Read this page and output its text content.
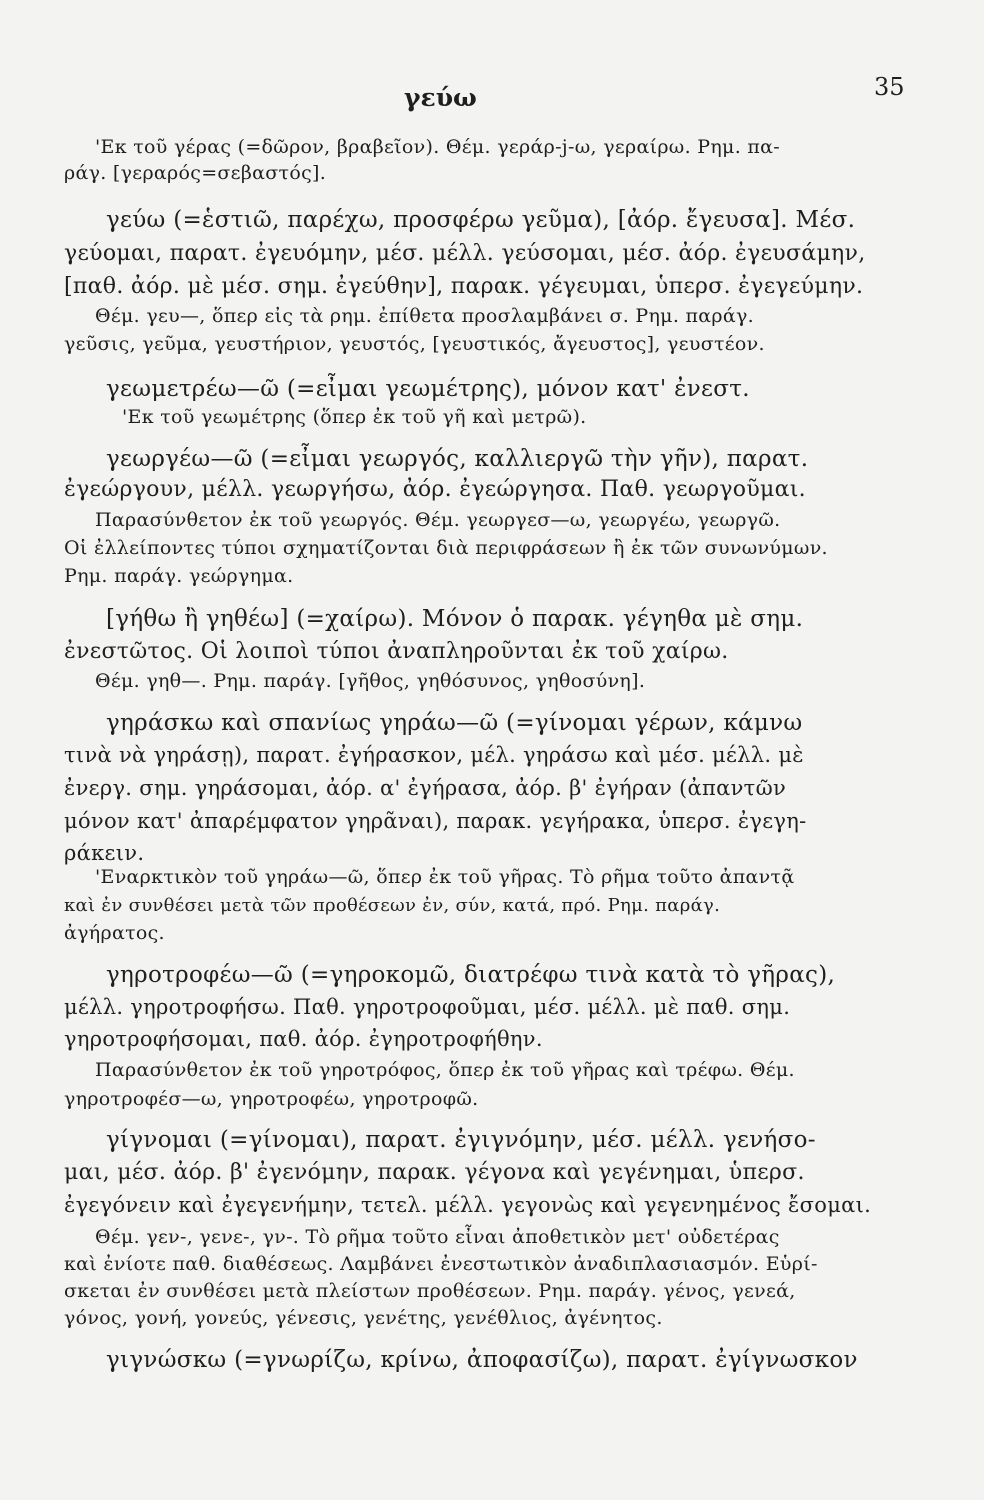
γεύω	35
'Εκ τοῦ γέρας (=δῶρον, βραβεῖον). Θέμ. γεράρ-j-ω, γεραίρω. Ρημ. πα-
ράγ. [γεραρός=σεβαστός].
γεύω (=ἑστιῶ, παρέχω, προσφέρω γεῦμα), [ἀόρ. ἔγευσα]. Μέσ.
γεύομαι, παρατ. ἐγευόμην, μέσ. μέλλ. γεύσομαι, μέσ. ἀόρ. ἐγευσάμην,
[παθ. ἀόρ. μὲ μέσ. σημ. ἐγεύθην], παρακ. γέγευμαι, ὑπερσ. ἐγεγεύμην.
Θέμ. γευ—, ὅπερ εἰς τὰ ρημ. ἐπίθετα προσλαμβάνει σ. Ρημ. παράγ.
γεῦσις, γεῦμα, γευστήριον, γευστός, [γευστικός, ἄγευστος], γευστέον.
γεωμετρέω—ῶ (=εἶμαι γεωμέτρης), μόνον κατ' ἐνεστ.
'Εκ τοῦ γεωμέτρης (ὅπερ ἐκ τοῦ γῆ καὶ μετρῶ).
γεωργέω—ῶ (=εἶμαι γεωργός, καλλιεργῶ τὴν γῆν), παρατ.
ἐγεώργουν, μέλλ. γεωργήσω, ἀόρ. ἐγεώργησα. Παθ. γεωργοῦμαι.
Παρασύνθετον ἐκ τοῦ γεωργός. Θέμ. γεωργεσ—ω, γεωργέω, γεωργῶ.
Οἱ ἐλλείποντες τύποι σχηματίζονται διὰ περιφράσεων ἢ ἐκ τῶν συνωνύμων.
Ρημ. παράγ. γεώργημα.
[γήθω ἢ γηθέω] (=χαίρω). Μόνον ὁ παρακ. γέγηθα μὲ σημ.
ἐνεστῶτος. Οἱ λοιποὶ τύποι ἀναπληροῦνται ἐκ τοῦ χαίρω.
Θέμ. γηθ—. Ρημ. παράγ. [γῆθος, γηθόσυνος, γηθοσύνη].
γηράσκω καὶ σπανίως γηράω—ῶ (=γίνομαι γέρων, κάμνω
τινὰ νὰ γηράσῃ), παρατ. ἐγήρασκον, μέλ. γηράσω καὶ μέσ. μέλλ. μὲ
ἐνεργ. σημ. γηράσομαι, ἀόρ. α' ἐγήρασα, ἀόρ. β' ἐγήραν (ἀπαντῶν
μόνον κατ' ἀπαρέμφατον γηρᾶναι), παρακ. γεγήρακα, ὑπερσ. ἐγεγη-
ράκειν.
'Εναρκτικὸν τοῦ γηράω—ῶ, ὅπερ ἐκ τοῦ γῆρας. Τὸ ρῆμα τοῦτο ἀπαντᾷ
καὶ ἐν συνθέσει μετὰ τῶν προθέσεων ἐν, σύν, κατά, πρό. Ρημ. παράγ.
ἀγήρατος.
γηροτροφέω—ῶ (=γηροκομῶ, διατρέφω τινὰ κατὰ τὸ γῆρας),
μέλλ. γηροτροφήσω. Παθ. γηροτροφοῦμαι, μέσ. μέλλ. μὲ παθ. σημ.
γηροτροφήσομαι, παθ. ἀόρ. ἐγηροτροφήθην.
Παρασύνθετον ἐκ τοῦ γηροτρόφος, ὅπερ ἐκ τοῦ γῆρας καὶ τρέφω. Θέμ.
γηροτροφέσ—ω, γηροτροφέω, γηροτροφῶ.
γίγνομαι (=γίνομαι), παρατ. ἐγιγνόμην, μέσ. μέλλ. γενήσο-
μαι, μέσ. ἀόρ. β' ἐγενόμην, παρακ. γέγονα καὶ γεγένημαι, ὑπερσ.
ἐγεγόνειν καὶ ἐγεγενήμην, τετελ. μέλλ. γεγονὼς καὶ γεγενημένος ἔσομαι.
Θέμ. γεν-, γενε-, γν-. Τὸ ρῆμα τοῦτο εἶναι ἀποθετικὸν μετ' οὐδετέρας
καὶ ἐνίοτε παθ. διαθέσεως. Λαμβάνει ἐνεστωτικὸν ἀναδιπλασιασμόν. Εὑρί-
σκεται ἐν συνθέσει μετὰ πλείστων προθέσεων. Ρημ. παράγ. γένος, γενεά,
γόνος, γονή, γονεύς, γένεσις, γενέτης, γενέθλιος, ἀγένητος.
γιγνώσκω (=γνωρίζω, κρίνω, ἀποφασίζω), παρατ. ἐγίγνωσκον
